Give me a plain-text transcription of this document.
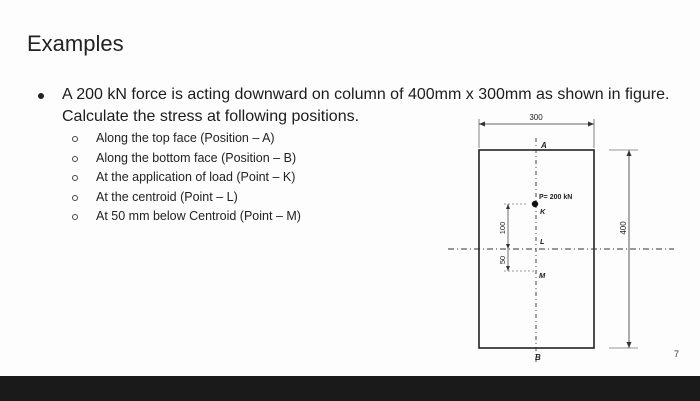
Examples
A 200 kN force is acting downward on column of 400mm x 300mm as shown in figure. Calculate the stress at following positions.
Along the top face (Position – A)
Along the bottom face (Position – B)
At the application of load (Point – K)
At the centroid (Point – L)
At 50 mm below Centroid (Point – M)
300
A
P= 200 kN
K
L
M
B
100
50
400
7
